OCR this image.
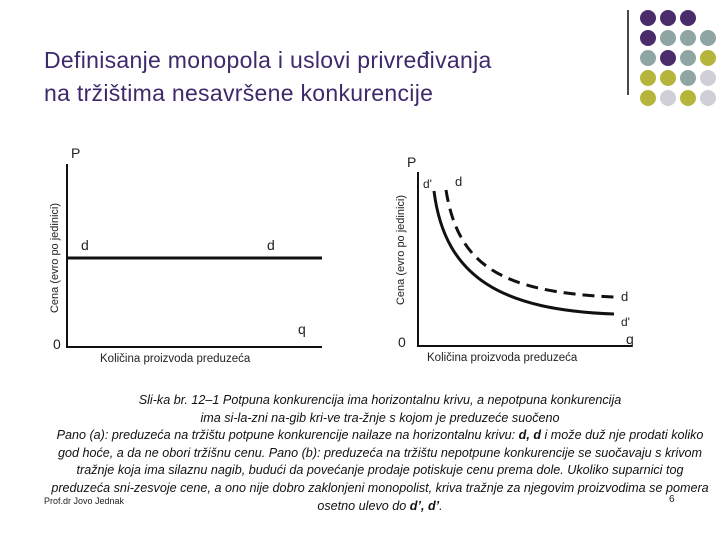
Definisanje monopola i uslovi privređivanja
na tržištima nesavršene konkurencije
P
Cena (evro po jedinici) d	d
q
0
Količina proizvoda preduzeća
P
Cena (evro po jedinici)
d' d
d
d'
q
0
Količina proizvoda preduzeća

Sli-ka br. 12–1 Potpuna konkurencija ima horizontalnu krivu, a nepotpuna konkurencija

ima si-la-zni na-gib kri-ve tra-žnje s kojom je preduzeće suočeno

Pano (a): preduzeća na tržištu potpune konkurencije nailaze na horizontalnu krivu: d, d i može duž nje prodati koliko god hoće, a da ne obori tržišnu cenu. Pano (b): preduzeća na tržištu nepotpune konkurencije se suočavaju s krivom tražnje koja ima silaznu nagib, budući da povećanje prodaje potiskuje cenu prema dole. Ukoliko suparnici tog preduzeća sni-zesvoje cene, a ono nije dobro zaklonjeni monopolist, kriva tražnje za njegovim proizvodima se pomera osetno ulevo do d’, d’.

Prof.dr Jovo Jednak	6
